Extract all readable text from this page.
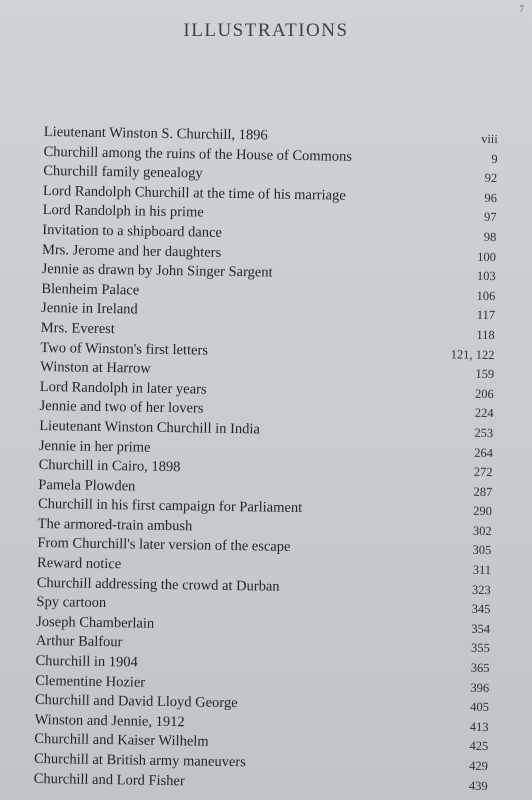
7
ILLUSTRATIONS
Lieutenant Winston S. Churchill, 1896	viii
Churchill among the ruins of the House of Commons	9
Churchill family genealogy	92
Lord Randolph Churchill at the time of his marriage	96
Lord Randolph in his prime	97
Invitation to a shipboard dance	98
Mrs. Jerome and her daughters	100
Jennie as drawn by John Singer Sargent	103
Blenheim Palace	106
Jennie in Ireland	117
Mrs. Everest	118
Two of Winston's first letters	121, 122
Winston at Harrow	159
Lord Randolph in later years	206
Jennie and two of her lovers	224
Lieutenant Winston Churchill in India	253
Jennie in her prime	264
Churchill in Cairo, 1898	272
Pamela Plowden	287
Churchill in his first campaign for Parliament	290
The armored-train ambush	302
From Churchill's later version of the escape	305
Reward notice	311
Churchill addressing the crowd at Durban	323
Spy cartoon	345
Joseph Chamberlain	354
Arthur Balfour	355
Churchill in 1904	365
Clementine Hozier	396
Churchill and David Lloyd George	405
Winston and Jennie, 1912	413
Churchill and Kaiser Wilhelm	425
Churchill at British army maneuvers	429
Churchill and Lord Fisher	439
